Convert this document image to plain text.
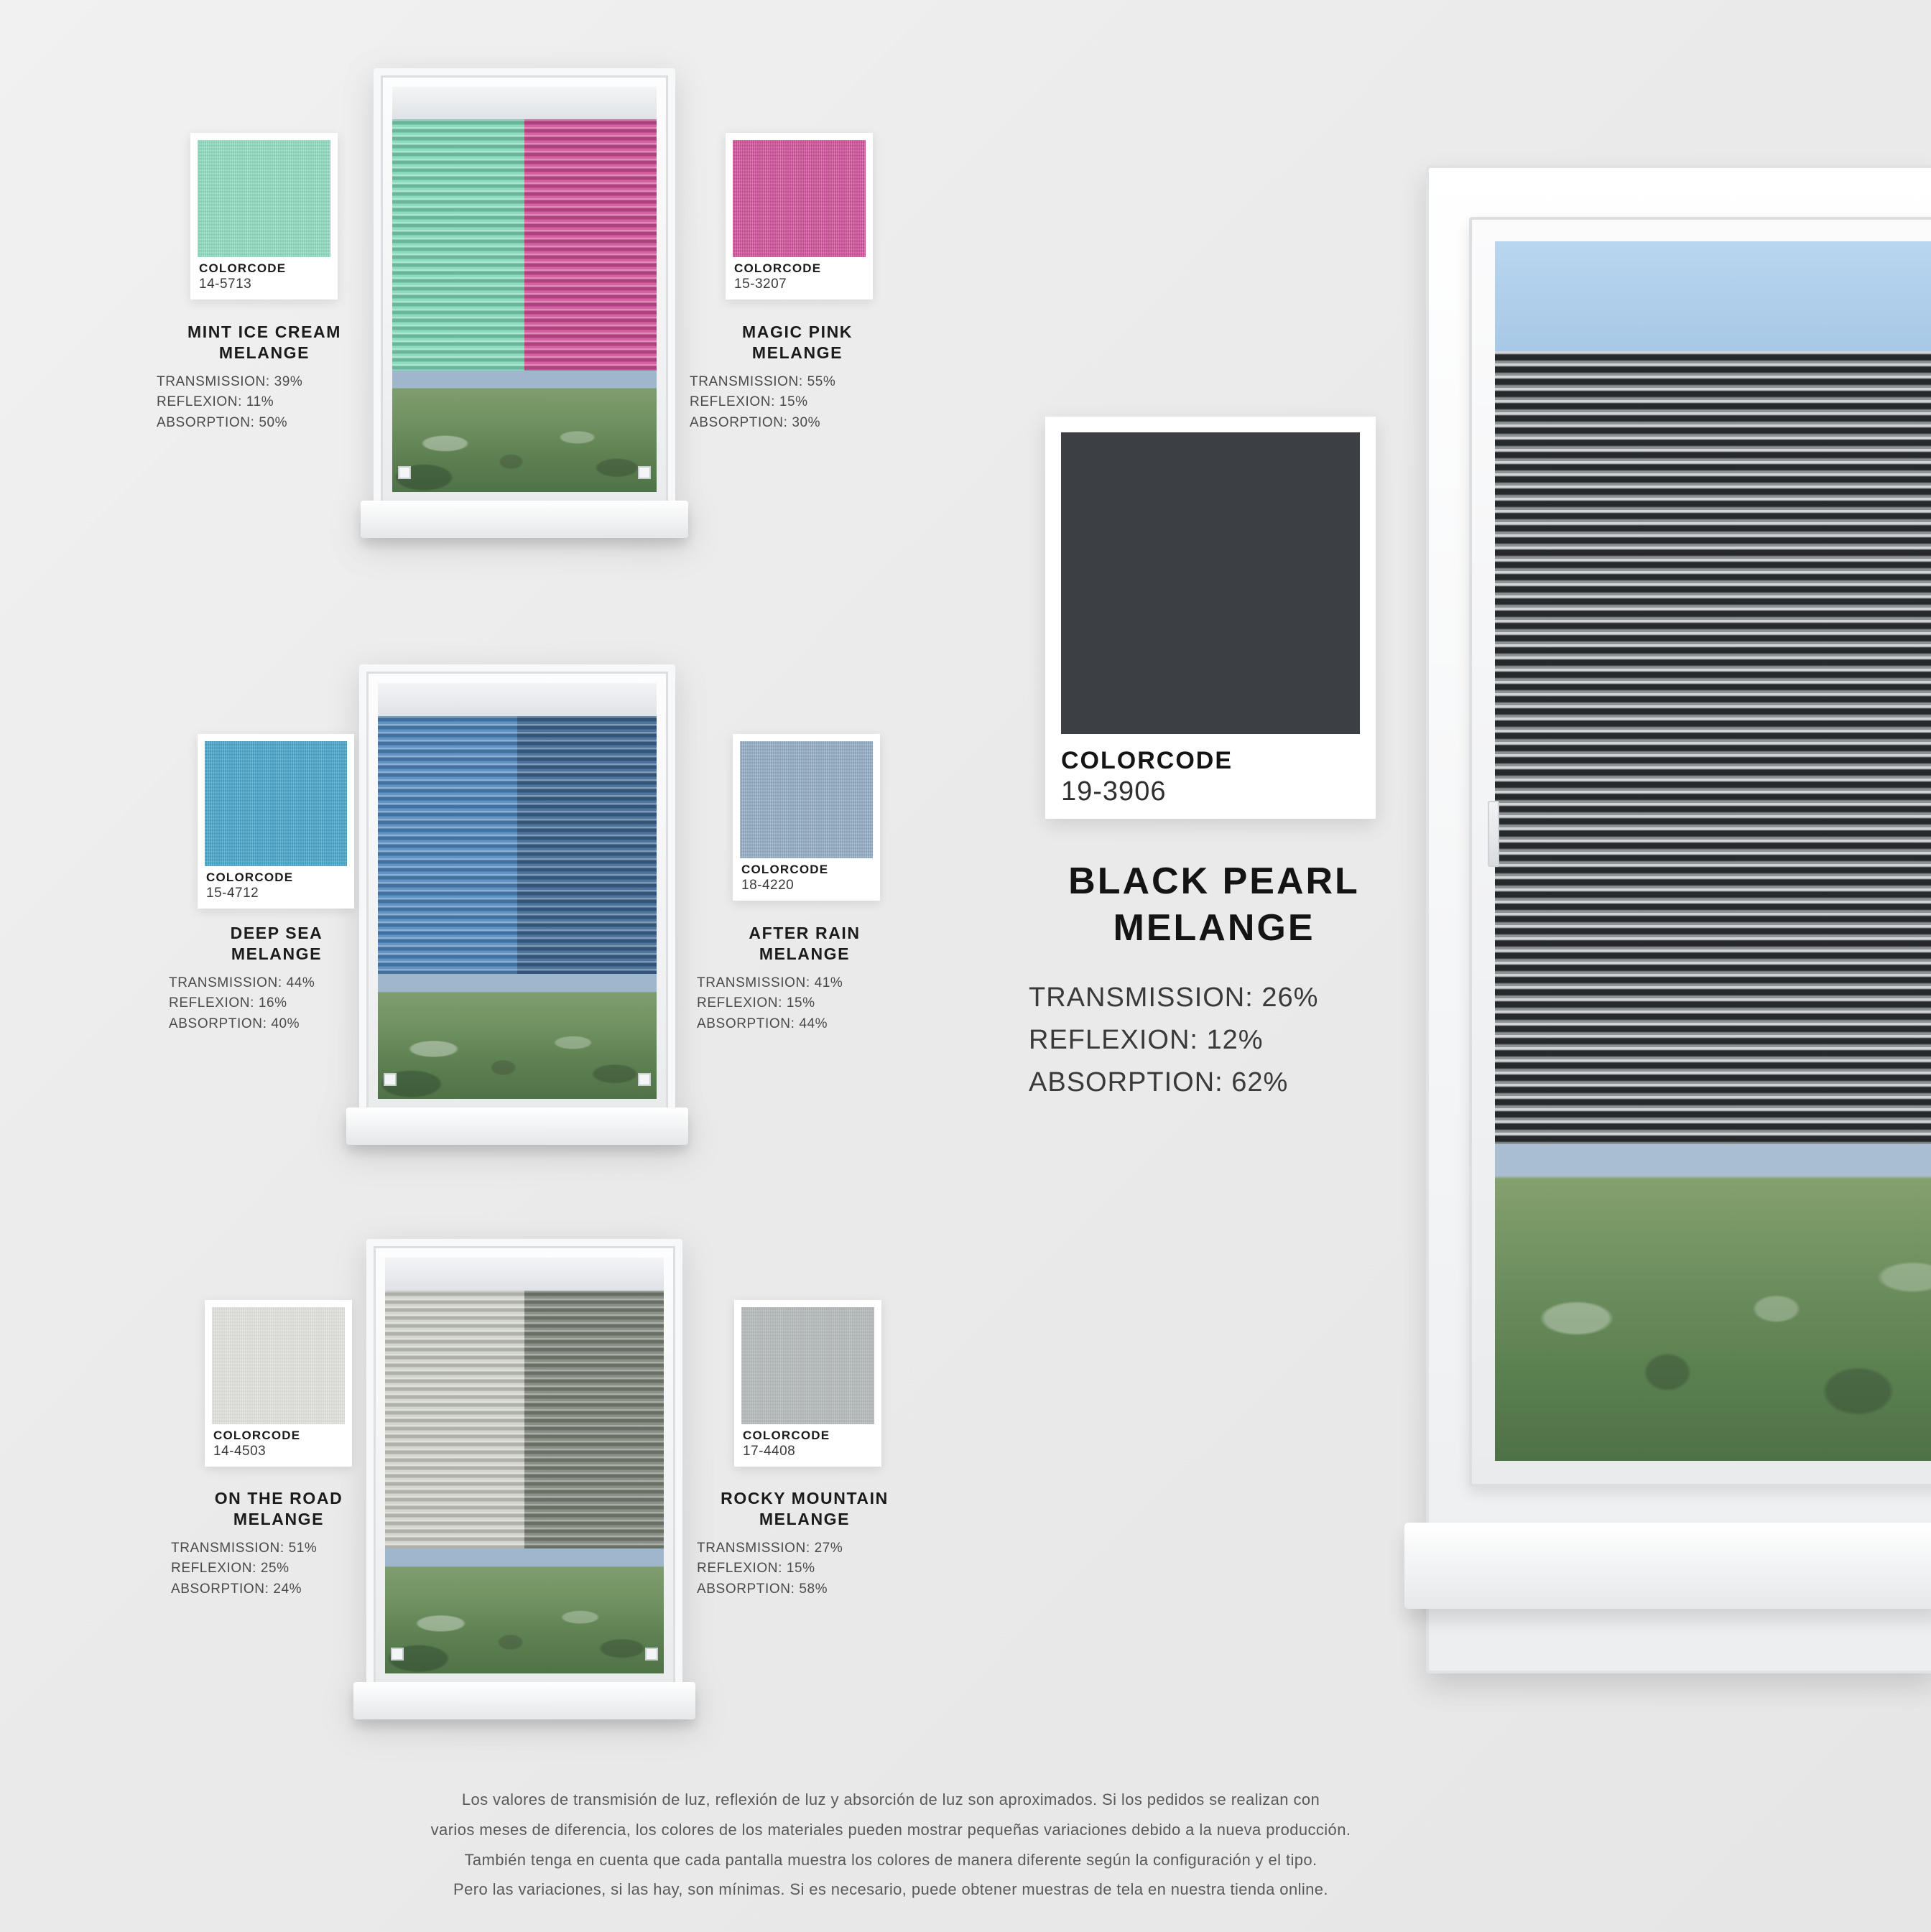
COLORCODE
14-5713
MINT ICE CREAM
MELANGE
TRANSMISSION: 39%
REFLEXION: 11%
ABSORPTION: 50%
COLORCODE
15-3207
MAGIC PINK
MELANGE
TRANSMISSION: 55%
REFLEXION: 15%
ABSORPTION: 30%
COLORCODE
15-4712
DEEP SEA
MELANGE
TRANSMISSION: 44%
REFLEXION: 16%
ABSORPTION: 40%
COLORCODE
18-4220
AFTER RAIN
MELANGE
TRANSMISSION: 41%
REFLEXION: 15%
ABSORPTION: 44%
COLORCODE
14-4503
ON THE ROAD
MELANGE
TRANSMISSION: 51%
REFLEXION: 25%
ABSORPTION: 24%
COLORCODE
17-4408
ROCKY MOUNTAIN
MELANGE
TRANSMISSION: 27%
REFLEXION: 15%
ABSORPTION: 58%
COLORCODE
19-3906
BLACK PEARL
MELANGE
TRANSMISSION: 26%
REFLEXION: 12%
ABSORPTION: 62%

Los valores de transmisión de luz, reflexión de luz y absorción de luz son aproximados. Si los pedidos se realizan con

varios meses de diferencia, los colores de los materiales pueden mostrar pequeñas variaciones debido a la nueva producción.

También tenga en cuenta que cada pantalla muestra los colores de manera diferente según la configuración y el tipo.

Pero las variaciones, si las hay, son mínimas. Si es necesario, puede obtener muestras de tela en nuestra tienda online.
